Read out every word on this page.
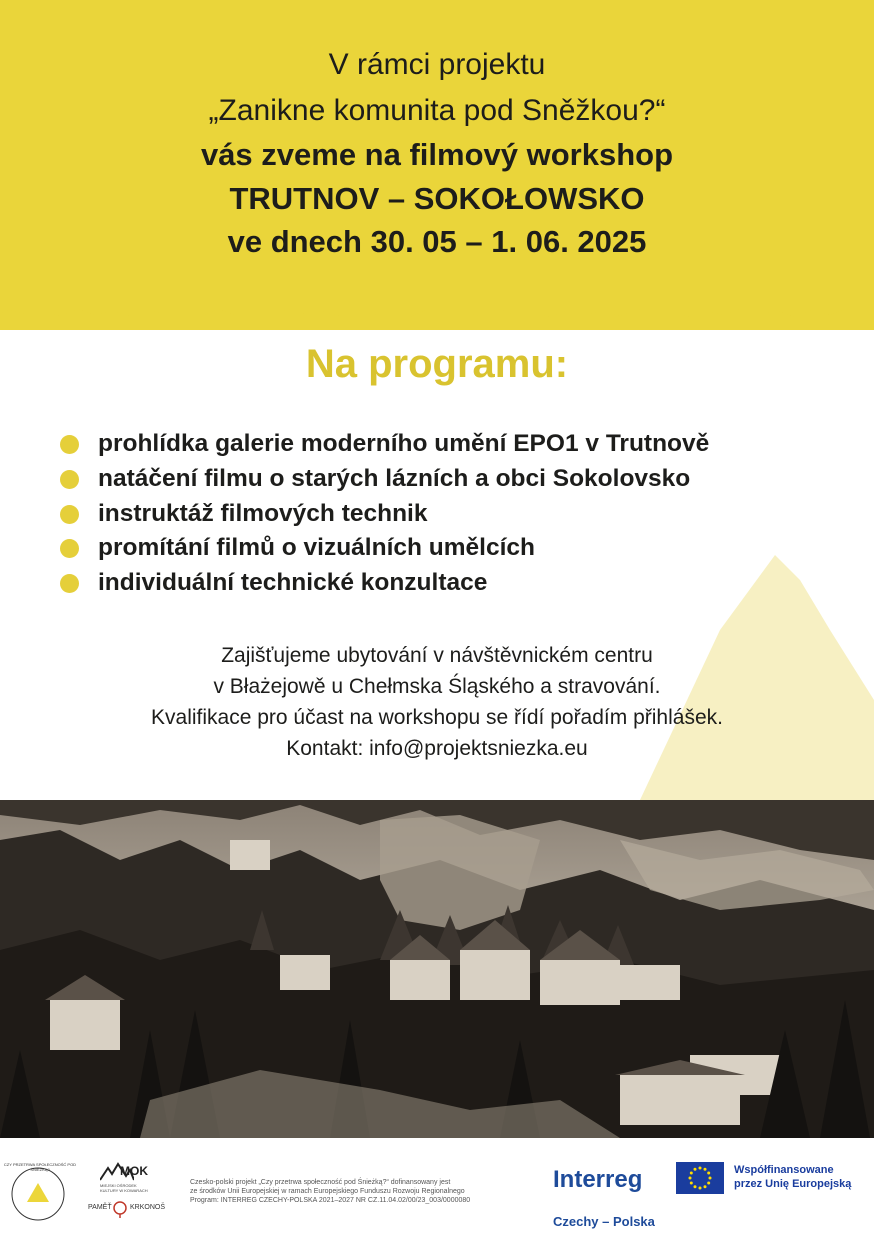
V rámci projektu
„Zanikne komunita pod Sněžkou?“
vás zveme na filmový workshop
TRUTNOV – SOKOŁOWSKO
ve dnech 30. 05 – 1. 06. 2025
Na programu:
prohlídka galerie moderního umění EPO1 v Trutnově
natáčení filmu o starých lázních a obci Sokolovsko
instruktáž filmových technik
promítání filmů o vizuálních umělcích
individuální technické konzultace
Zajišťujeme ubytování v návštěvnickém centru
v Błażejowě u Chełmska Śląského a stravování.
Kvalifikace pro účast na workshopu se řídí pořadím přihlášek.
Kontakt: info@projektsniezka.eu
CZY PRZETRWA SPOŁECZNOŚĆ POD ŚNIEŻKĄ?	MOK
MIEJSKI OŚRODEK KULTURY W KOWARACH
PAMĚŤ	KRKONOŠ
Czesko-polski projekt „Czy przetrwa społeczność pod Śnieżką?“ dofinansowany jest
ze środków Unii Europejskiej w ramach Europejskiego Funduszu Rozwoju Regionalnego
Program: INTERREG CZECHY-POLSKA 2021–2027 NR CZ.11.04.02/00/23_003/0000080
Interreg
Czechy – Polska
Współfinansowane
przez Unię Europejską
